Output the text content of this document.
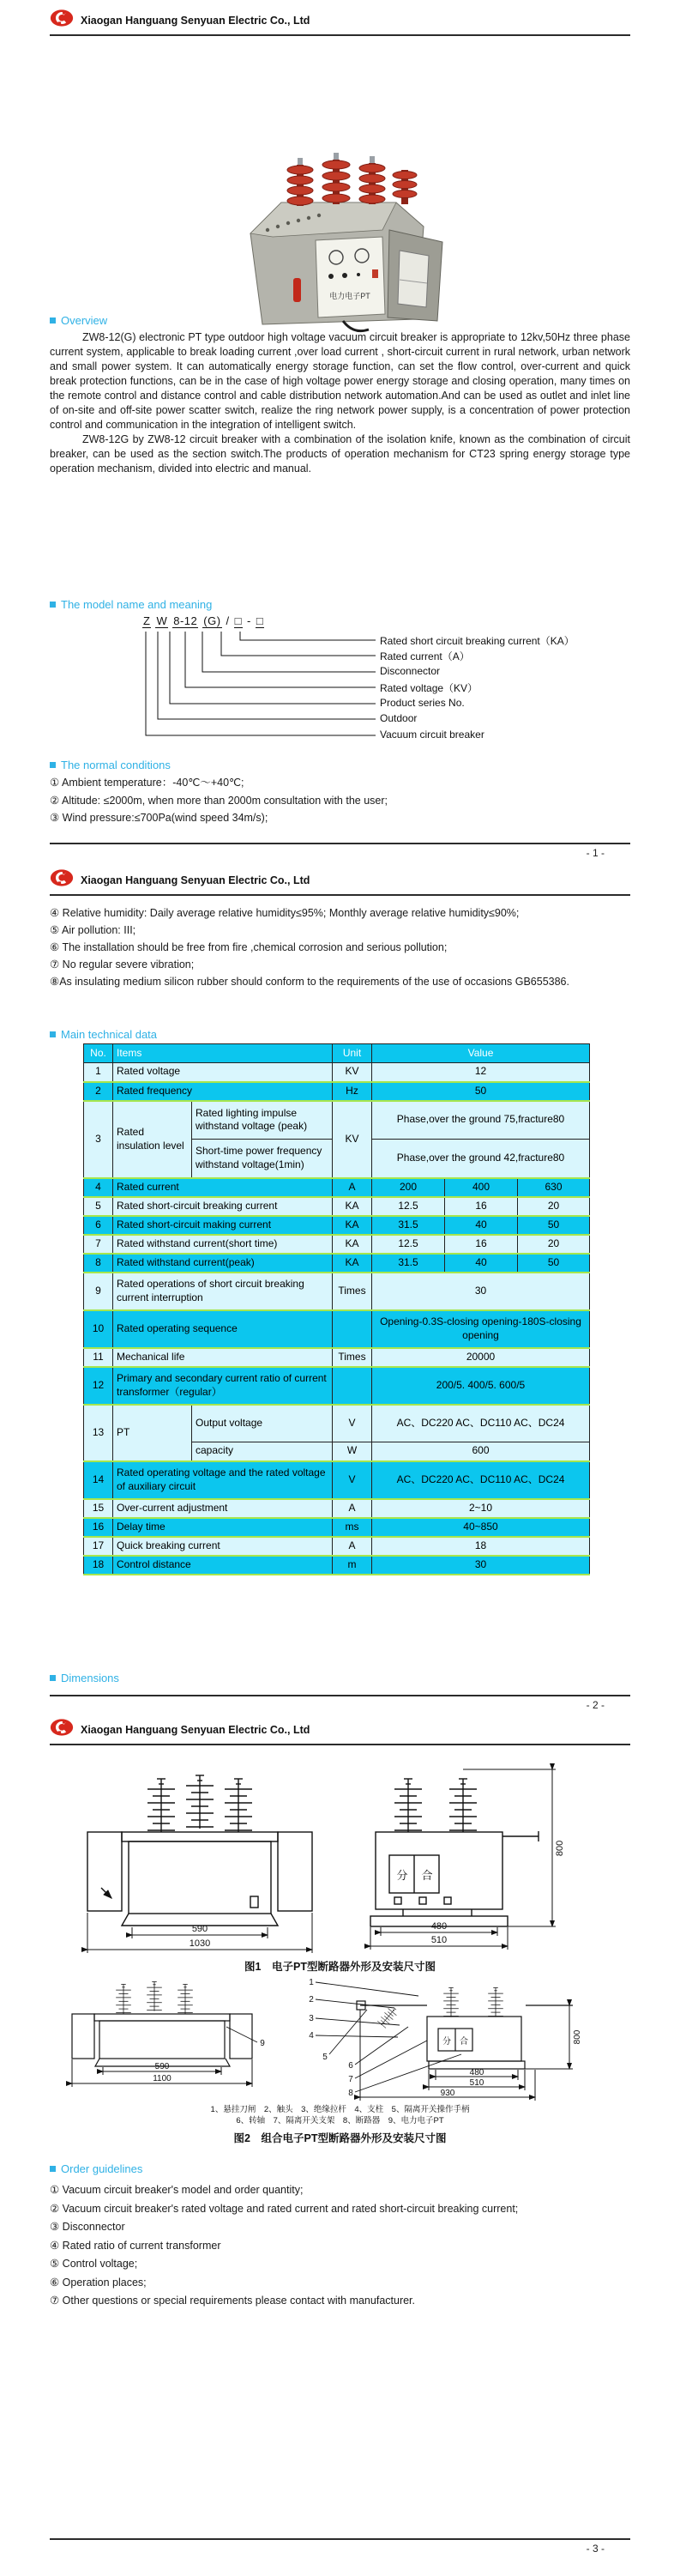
Xiaogan Hanguang Senyuan Electric Co., Ltd
电力电子PT
Overview

ZW8-12(G) electronic PT type outdoor high voltage vacuum circuit breaker is appropriate to 12kv,50Hz three phase current system, applicable to break loading current ,over load current , short-circuit current in rural network, urban network and small power system. It can automatically energy storage function, can set the flow control, over-current and quick break protection functions, can be in the case of high voltage power energy storage and closing operation, many times on the remote control and distance control and cable distribution network automation.And can be used as outlet and inlet line of on-site and off-site power scatter switch, realize the ring network power supply, is a concentration of power protection control and communication in the integration of intelligent switch.

ZW8-12G by ZW8-12 circuit breaker with a combination of the isolation knife, known as the combination of circuit breaker, can be used as the section switch.The products of operation mechanism for CT23 spring energy storage type operation mechanism, divided into electric and manual.

The model name and meaning
Z W 8-12 (G) / □ - □
Rated short circuit breaking current（KA）
Rated current（A）
Disconnector
Rated voltage（KV）
Product series No.
Outdoor
Vacuum circuit breaker
The normal conditions
① Ambient temperature：-40℃～+40℃;
② Altitude: ≤2000m, when more than 2000m consultation with the user;
③ Wind pressure:≤700Pa(wind speed 34m/s);
- 1 -
Xiaogan Hanguang Senyuan Electric Co., Ltd
④ Relative humidity: Daily average relative humidity≤95%; Monthly average relative humidity≤90%;
⑤ Air pollution: III;
⑥ The installation should be free from fire ,chemical corrosion and serious pollution;
⑦ No regular severe vibration;
⑧As insulating medium silicon rubber should conform to the requirements of the use of occasions GB655386.
Main technical data
No.	Items		Unit	Value		
1	Rated voltage		KV	12		
2	Rated frequency		Hz	50		
3	Rated insulation level	Rated lighting impulse withstand voltage (peak)	KV	Phase,over the ground 75,fracture80		
		Short-time power frequency withstand voltage(1min)		Phase,over the ground 42,fracture80		
4	Rated current		A	200	400	630
5	Rated short-circuit breaking current		KA	12.5	16	20
6	Rated short-circuit making current		KA	31.5	40	50
7	Rated withstand current(short time)		KA	12.5	16	20
8	Rated withstand current(peak)		KA	31.5	40	50
9	Rated operations of short circuit breaking current interruption		Times	30		
10	Rated operating sequence			Opening-0.3S-closing opening-180S-closing opening		
11	Mechanical life		Times	20000		
12	Primary and secondary current ratio of current transformer（regular）			200/5. 400/5. 600/5		
13	PT	Output voltage	V	AC、DC220 AC、DC110 AC、DC24		
		capacity	W	600		
14	Rated operating voltage and the rated voltage of auxiliary circuit		V	AC、DC220 AC、DC110 AC、DC24		
15	Over-current adjustment		A	2~10		
16	Delay time		ms	40~850		
17	Quick breaking current		A	18		
18	Control distance		m	30		
Dimensions
- 2 -
Xiaogan Hanguang Senyuan Electric Co., Ltd
590
1030
480
510
800
分 合
图1　电子PT型断路器外形及安装尺寸图
590
1100
480
510
930
800
分 合
1
2
3
4
5
6
7
8
9
1、悬挂刀闸　2、触头　3、绝缘拉杆　4、支柱　5、隔离开关操作手柄
6、转轴　7、隔离开关支架　8、断路器　9、电力电子PT
图2　组合电子PT型断路器外形及安装尺寸图
Order guidelines
① Vacuum circuit breaker's model and order quantity;
② Vacuum circuit breaker's rated voltage and rated current and rated short-circuit breaking current;
③ Disconnector
④ Rated ratio of current transformer
⑤ Control voltage;
⑥ Operation places;
⑦ Other questions or special requirements please contact with manufacturer.
- 3 -
